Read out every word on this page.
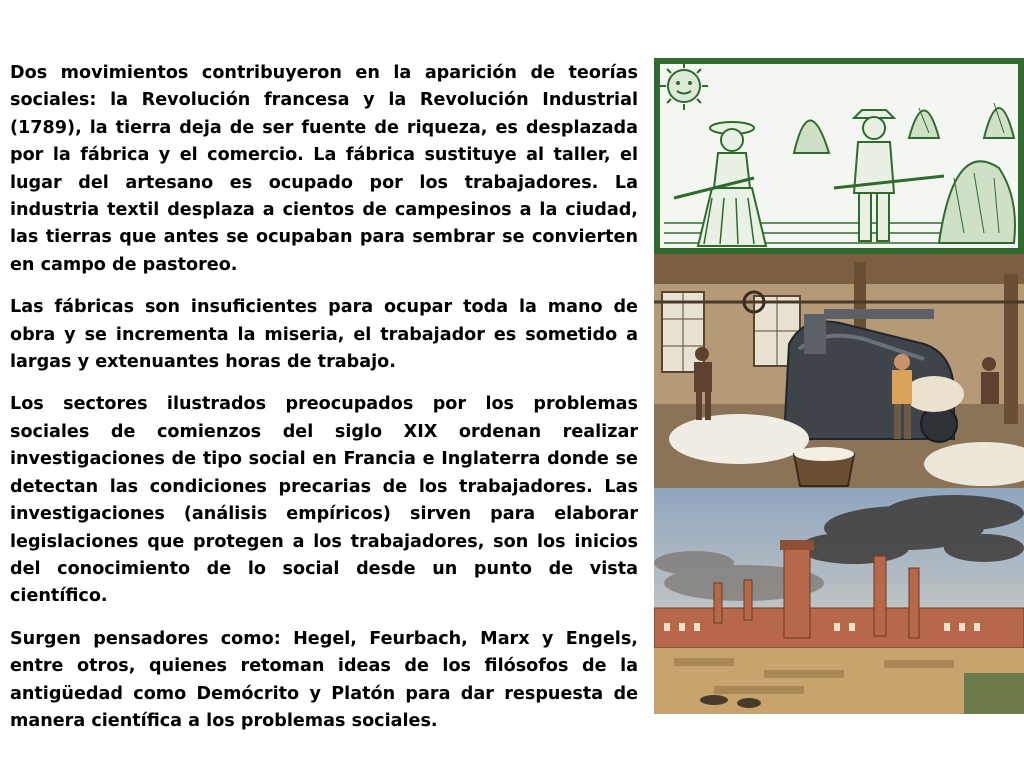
Dos movimientos contribuyeron en la aparición de teorías sociales: la Revolución francesa y la Revolución Industrial (1789), la tierra deja de ser fuente de riqueza, es desplazada por la fábrica y el comercio. La fábrica sustituye al taller, el lugar del artesano es ocupado por los trabajadores. La industria textil desplaza a cientos de campesinos a la ciudad, las tierras que antes se ocupaban para sembrar se convierten en campo de pastoreo.

Las fábricas son insuficientes para ocupar toda la mano de obra y se incrementa la miseria, el trabajador es sometido a largas y extenuantes horas de trabajo.

Los sectores ilustrados preocupados por los problemas sociales de comienzos del siglo XIX ordenan realizar investigaciones de tipo social en Francia e Inglaterra donde se detectan las condiciones precarias de los trabajadores. Las investigaciones (análisis empíricos) sirven para elaborar legislaciones que protegen a los trabajadores, son los inicios del conocimiento de lo social desde un punto de vista científico.

Surgen pensadores como: Hegel, Feurbach, Marx y Engels, entre otros, quienes retoman ideas de los filósofos de la antigüedad como Demócrito y Platón para dar respuesta de manera científica a los problemas sociales.
